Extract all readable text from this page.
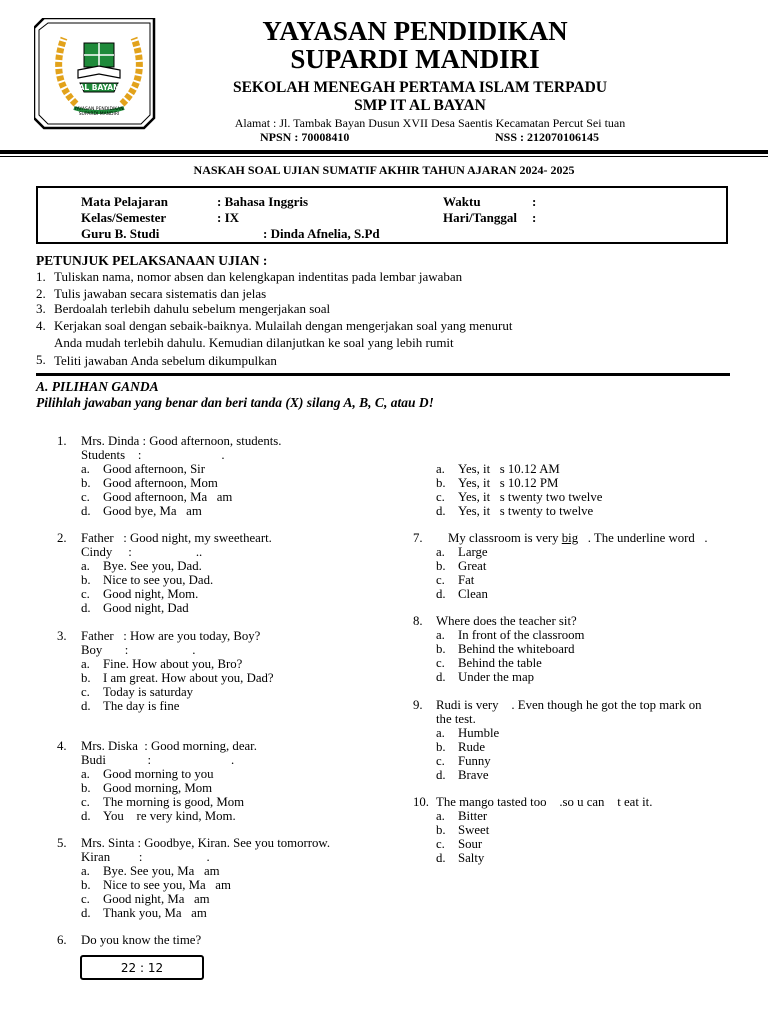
AL BAYAN
YAYASAN PENDIDIKAN
SUPARDI MANDIRI
YAYASAN PENDIDIKAN
SUPARDI MANDIRI
SEKOLAH MENEGAH PERTAMA ISLAM TERPADU
SMP IT AL BAYAN
Alamat : Jl. Tambak Bayan Dusun XVII Desa Saentis Kecamatan Percut Sei tuan
NPSN : 70008410	NSS : 212070106145
NASKAH SOAL UJIAN SUMATIF AKHIR TAHUN AJARAN 2024- 2025
Mata Pelajaran	: Bahasa Inggris
Kelas/Semester	: IX
Guru B. Studi	: Dinda Afnelia, S.Pd
Waktu	:
Hari/Tanggal :
PETUNJUK PELAKSANAAN UJIAN :
1. Tuliskan nama, nomor absen dan kelengkapan indentitas pada lembar jawaban
2. Tulis jawaban secara sistematis dan jelas
3. Berdoalah terlebih dahulu sebelum mengerjakan soal
4. Kerjakan soal dengan sebaik-baiknya. Mulailah dengan mengerjakan soal yang menurut
Anda mudah terlebih dahulu. Kemudian dilanjutkan ke soal yang lebih rumit
5. Teliti jawaban Anda sebelum dikumpulkan
A. PILIHAN GANDA
Pilihlah jawaban yang benar dan beri tanda (X) silang A, B, C, atau D!
1. Mrs. Dinda : Good afternoon, students.
Students    :                         .
a. Good afternoon, Sir
b. Good afternoon, Mom
c. Good afternoon, Ma   am
d. Good bye, Ma   am
2. Father   : Good night, my sweetheart.
Cindy     :                    ..
a. Bye. See you, Dad.
b. Nice to see you, Dad.
c. Good night, Mom.
d. Good night, Dad
3. Father   : How are you today, Boy?
Boy       :                    .
a. Fine. How about you, Bro?
b. I am great. How about you, Dad?
c. Today is saturday
d. The day is fine
4. Mrs. Diska  : Good morning, dear.
Budi             :                         .
a. Good morning to you
b. Good morning, Mom
c. The morning is good, Mom
d. You    re very kind, Mom.
5. Mrs. Sinta : Goodbye, Kiran. See you tomorrow.
Kiran         :                    .
a. Bye. See you, Ma   am
b. Nice to see you, Ma   am
c. Good night, Ma   am
d. Thank you, Ma   am
6. Do you know the time?
22 : 12
a. Yes, it   s 10.12 AM
b. Yes, it   s 10.12 PM
c. Yes, it   s twenty two twelve
d. Yes, it   s twenty to twelve
7. My classroom is very big   . The underline word   .
a. Large
b. Great
c. Fat
d. Clean
8. Where does the teacher sit?
a. In front of the classroom
b. Behind the whiteboard
c. Behind the table
d. Under the map
9. Rudi is very    . Even though he got the top mark on
the test.
a. Humble
b. Rude
c. Funny
d. Brave
10. The mango tasted too    .so u can    t eat it.
a. Bitter
b. Sweet
c. Sour
d. Salty
